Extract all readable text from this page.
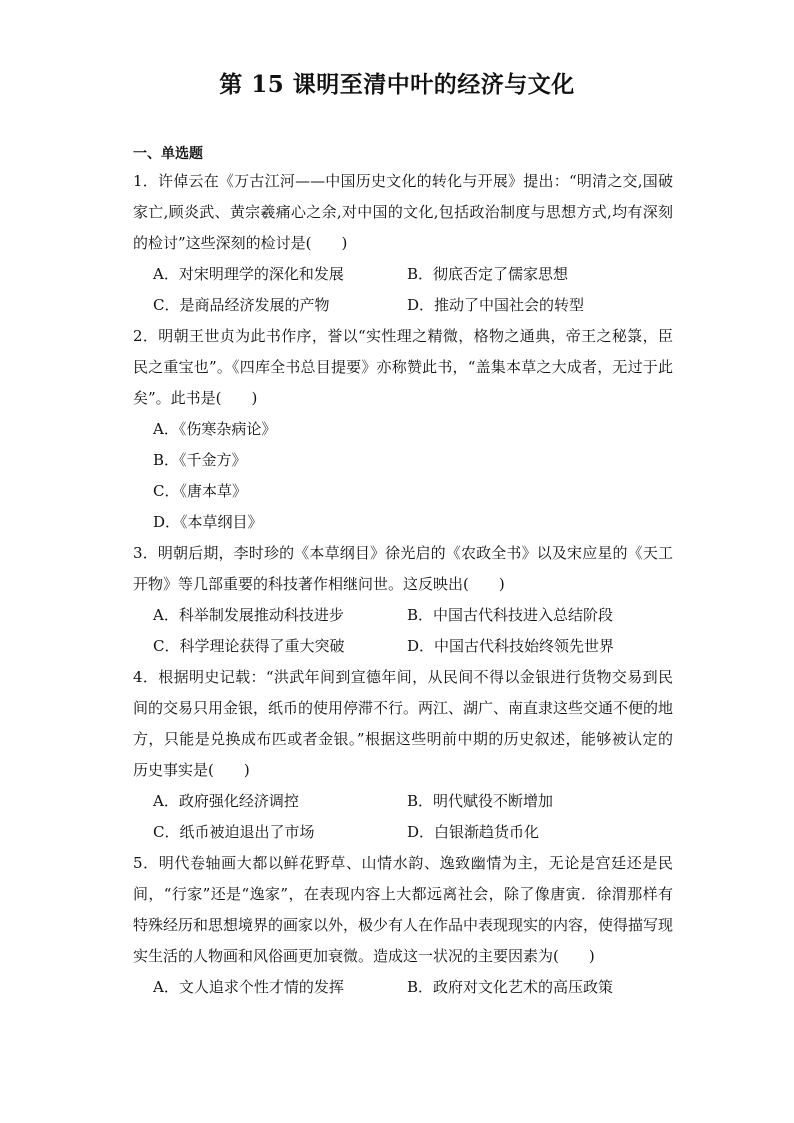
第 15 课明至清中叶的经济与文化
一、单选题

1．许倬云在《万古江河——中国历史文化的转化与开展》提出：“明清之交,国破家亡,顾炎武、黄宗羲痛心之余,对中国的文化,包括政治制度与思想方式,均有深刻的检讨”这些深刻的检讨是(　　)

A．对宋明理学的深化和发展	B．彻底否定了儒家思想
C．是商品经济发展的产物	D．推动了中国社会的转型

2．明朝王世贞为此书作序，誉以“实性理之精微，格物之通典，帝王之秘箓，臣民之重宝也”。《四库全书总目提要》亦称赞此书，“盖集本草之大成者，无过于此矣”。此书是(　　)

A．《伤寒杂病论》
B．《千金方》
C．《唐本草》
D．《本草纲目》

3．明朝后期，李时珍的《本草纲目》徐光启的《农政全书》以及宋应星的《天工开物》等几部重要的科技著作相继问世。这反映出(　　)

A．科举制发展推动科技进步	B．中国古代科技进入总结阶段
C．科学理论获得了重大突破	D．中国古代科技始终领先世界

4．根据明史记载：“洪武年间到宣德年间，从民间不得以金银进行货物交易到民间的交易只用金银，纸币的使用停滞不行。两江、湖广、南直隶这些交通不便的地方，只能是兑换成布匹或者金银。”根据这些明前中期的历史叙述，能够被认定的历史事实是(　　)

A．政府强化经济调控	B．明代赋役不断增加
C．纸币被迫退出了市场	D．白银渐趋货币化

5．明代卷轴画大都以鲜花野草、山情水韵、逸致幽情为主，无论是宫廷还是民间，“行家”还是“逸家”，在表现内容上大都远离社会，除了像唐寅．徐渭那样有特殊经历和思想境界的画家以外，极少有人在作品中表现现实的内容，使得描写现实生活的人物画和风俗画更加衰微。造成这一状况的主要因素为(　　)

A．文人追求个性才情的发挥	B．政府对文化艺术的高压政策
